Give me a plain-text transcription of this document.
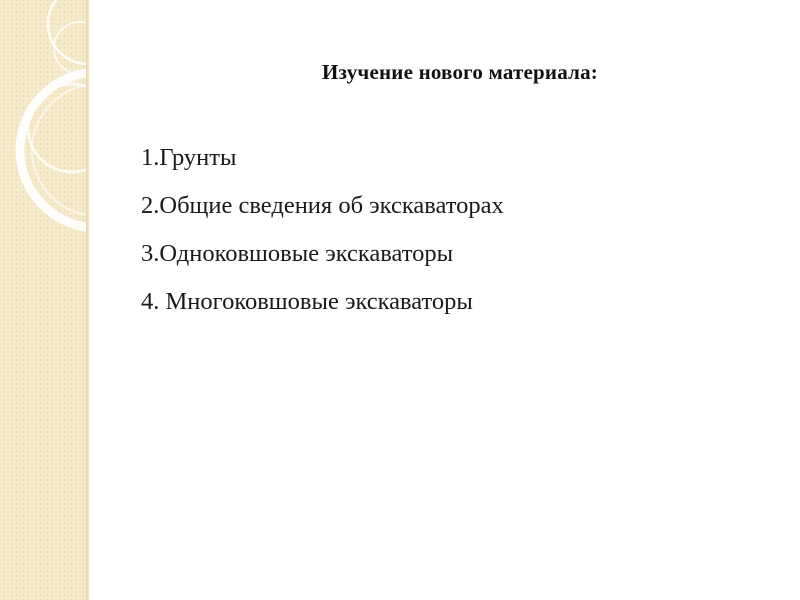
Изучение нового материала:
1.Грунты
2.Общие сведения об экскаваторах
3.Одноковшовые экскаваторы
4. Многоковшовые экскаваторы
